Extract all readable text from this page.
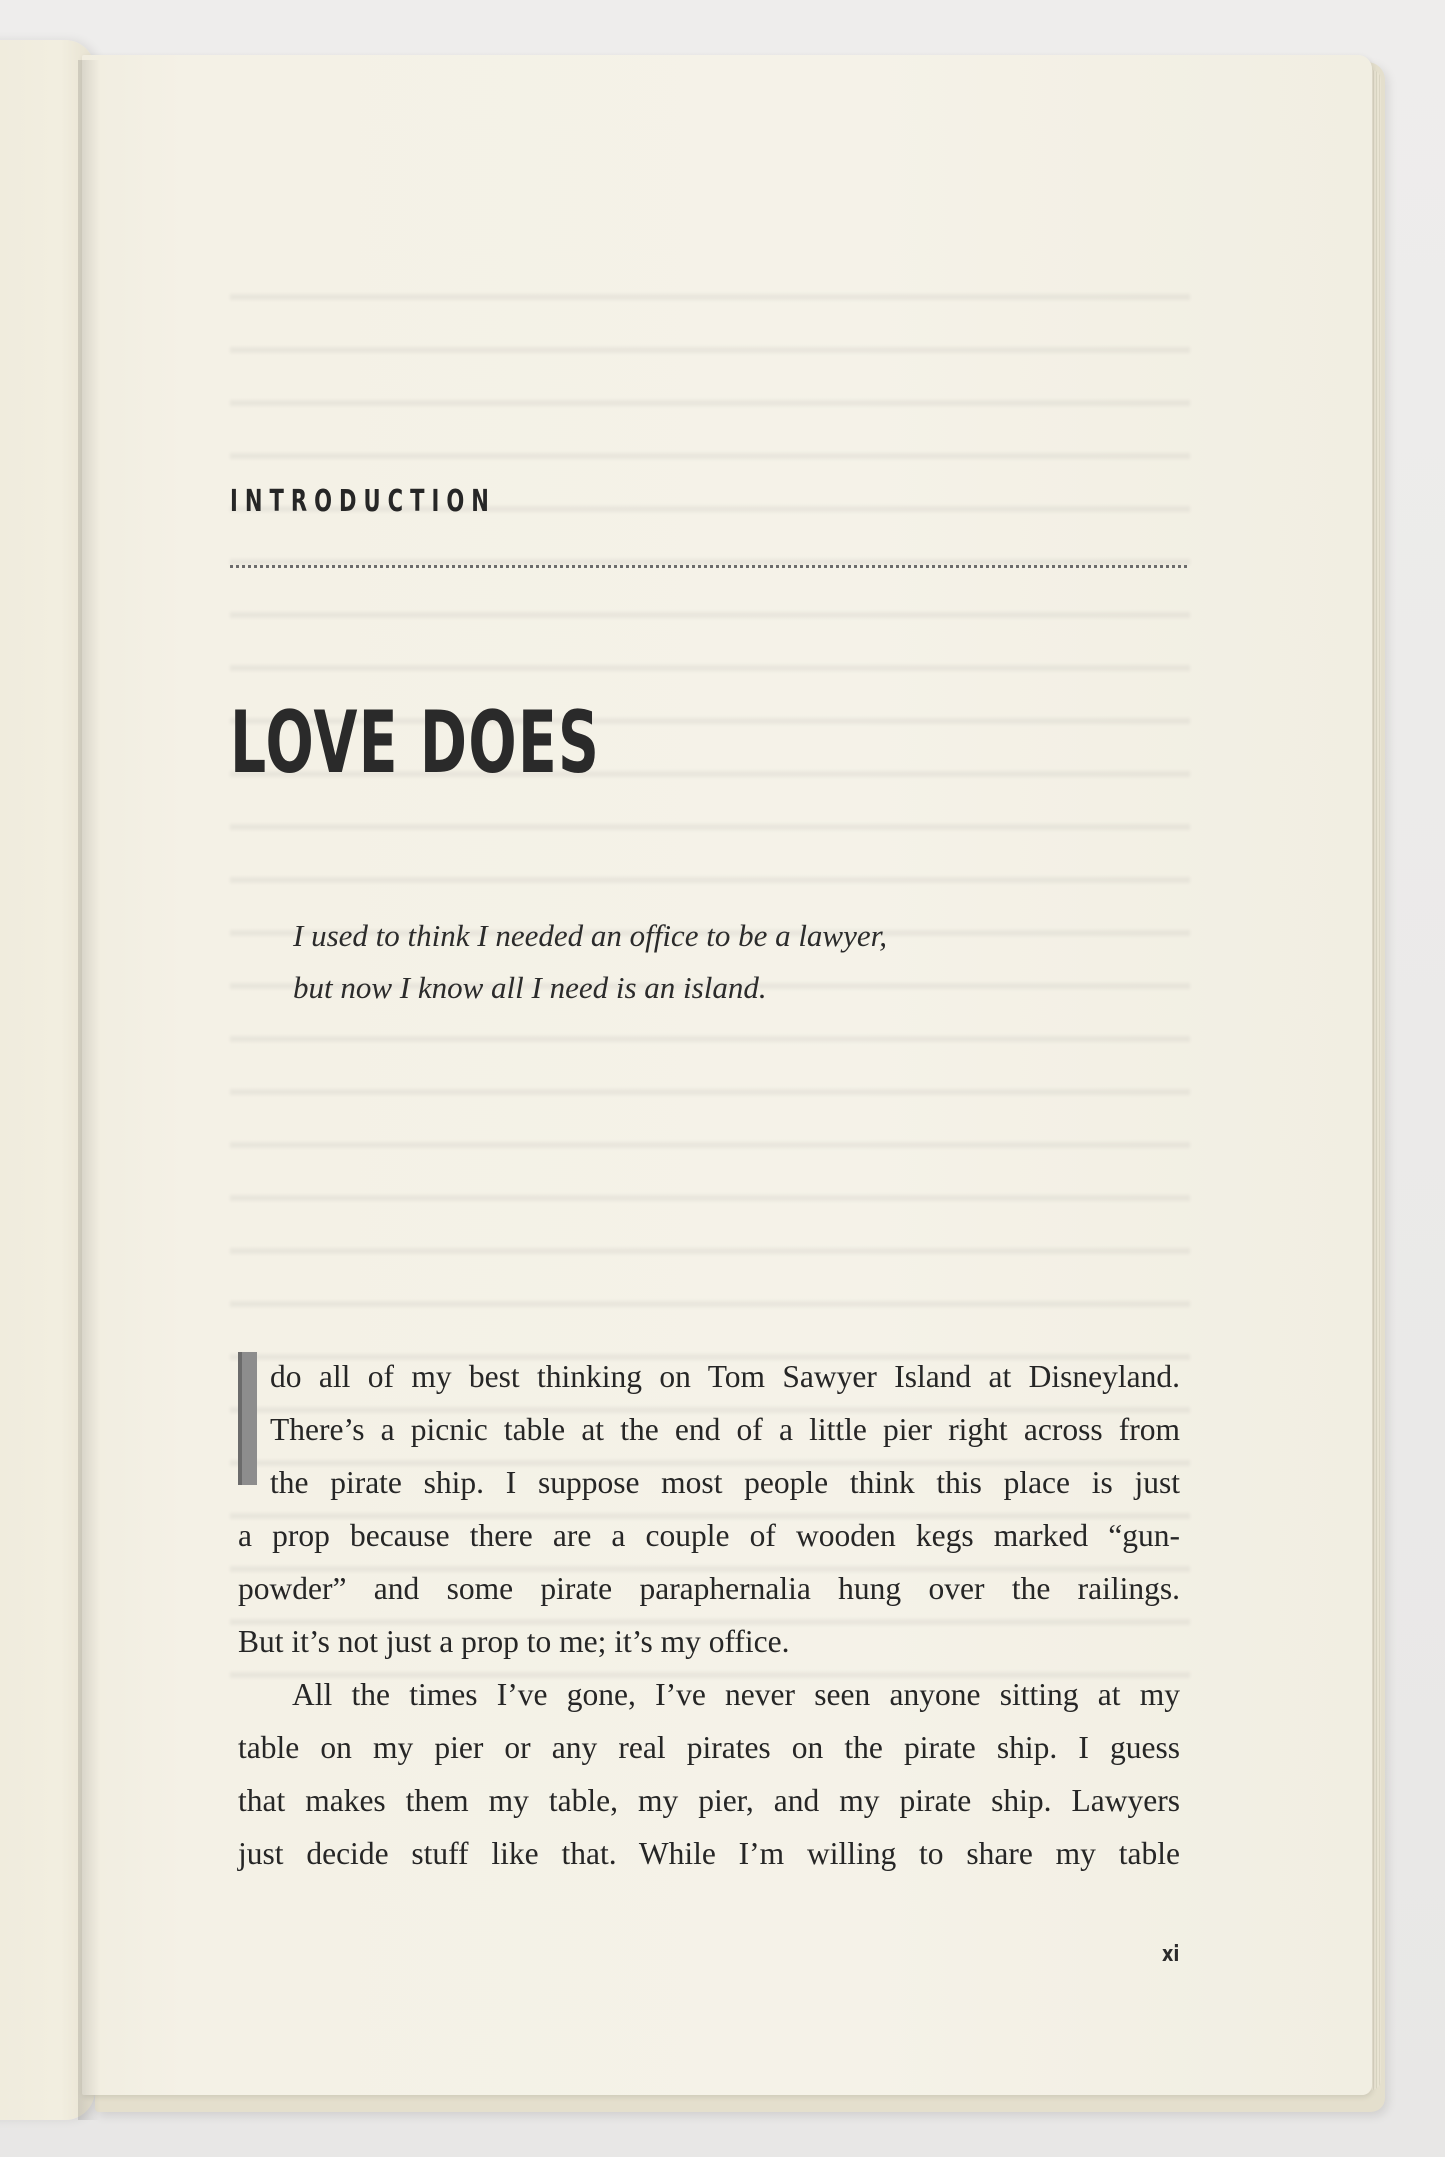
INTRODUCTION
LOVE DOES
I used to think I needed an office to be a lawyer,
but now I know all I need is an island.
do all of my best thinking on Tom Sawyer Island at Disneyland.
There’s a picnic table at the end of a little pier right across from
the pirate ship. I suppose most people think this place is just
a prop because there are a couple of wooden kegs marked “gun-
powder” and some pirate paraphernalia hung over the railings.
But it’s not just a prop to me; it’s my office.
All the times I’ve gone, I’ve never seen anyone sitting at my
table on my pier or any real pirates on the pirate ship. I guess
that makes them my table, my pier, and my pirate ship. Lawyers
just decide stuff like that. While I’m willing to share my table
xi
